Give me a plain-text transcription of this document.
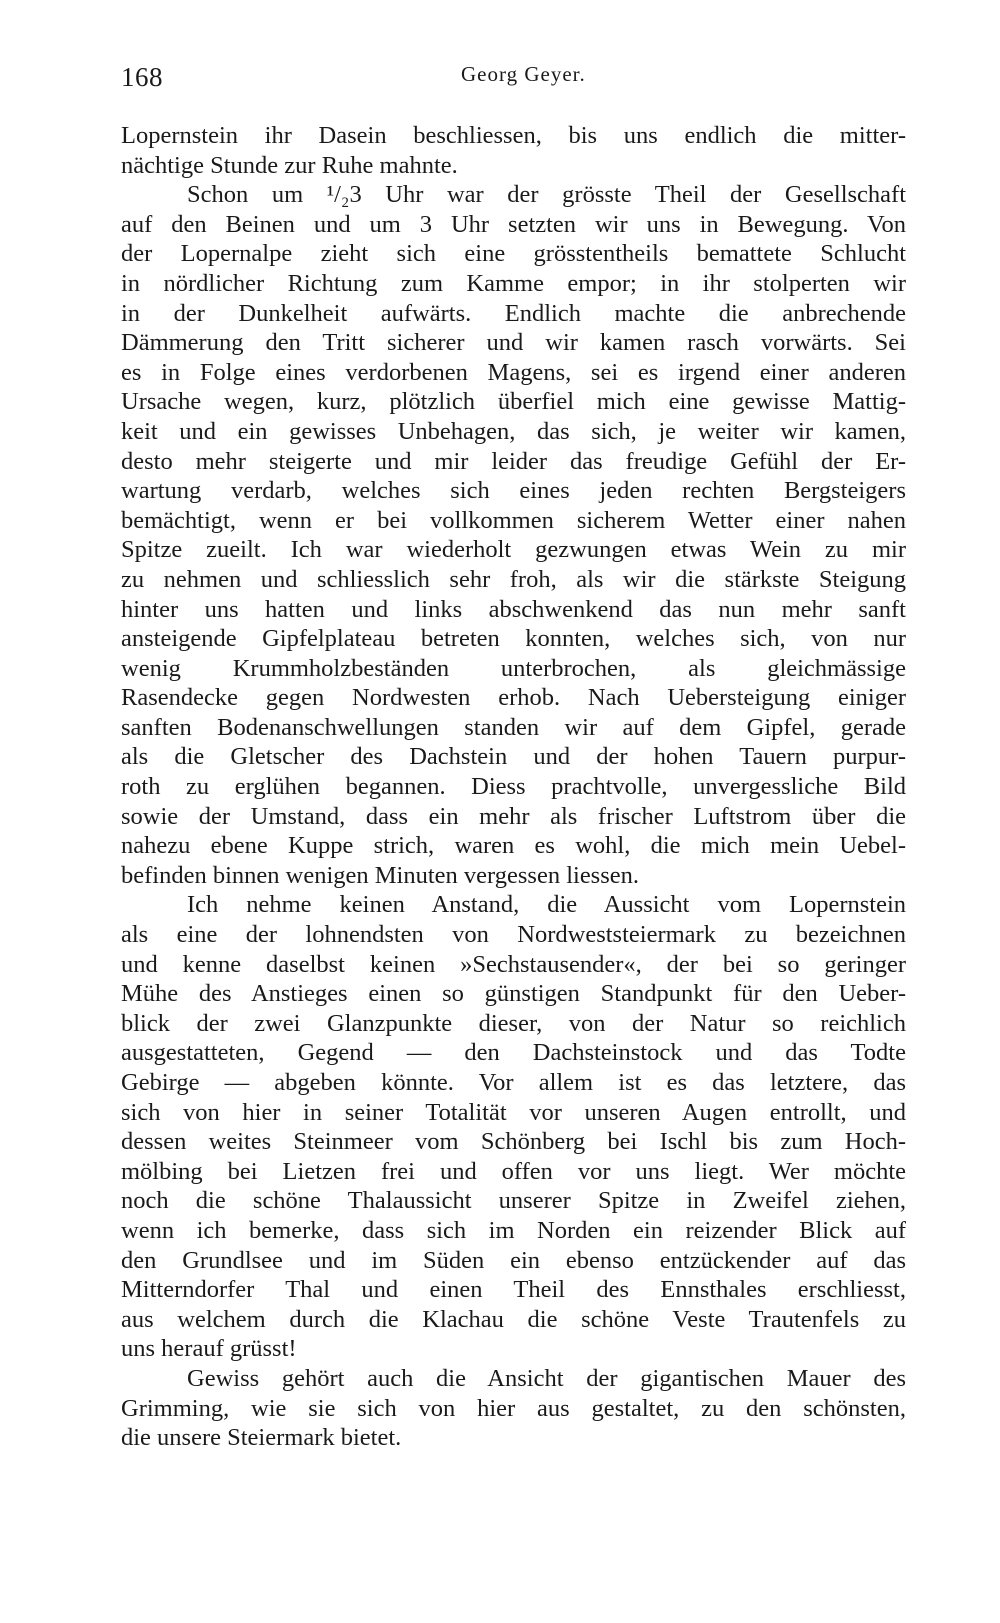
168	Georg Geyer.
Lopernstein ihr Dasein beschliessen, bis uns endlich die mitter-
nächtige Stunde zur Ruhe mahnte.
Schon um ¹/₂3 Uhr war der grösste Theil der Gesellschaft
auf den Beinen und um 3 Uhr setzten wir uns in Bewegung. Von
der Lopernalpe zieht sich eine grösstentheils bemattete Schlucht
in nördlicher Richtung zum Kamme empor; in ihr stolperten wir
in der Dunkelheit aufwärts. Endlich machte die anbrechende
Dämmerung den Tritt sicherer und wir kamen rasch vorwärts. Sei
es in Folge eines verdorbenen Magens, sei es irgend einer anderen
Ursache wegen, kurz, plötzlich überfiel mich eine gewisse Mattig-
keit und ein gewisses Unbehagen, das sich, je weiter wir kamen,
desto mehr steigerte und mir leider das freudige Gefühl der Er-
wartung verdarb, welches sich eines jeden rechten Bergsteigers
bemächtigt, wenn er bei vollkommen sicherem Wetter einer nahen
Spitze zueilt. Ich war wiederholt gezwungen etwas Wein zu mir
zu nehmen und schliesslich sehr froh, als wir die stärkste Steigung
hinter uns hatten und links abschwenkend das nun mehr sanft
ansteigende Gipfelplateau betreten konnten, welches sich, von nur
wenig Krummholzbeständen unterbrochen, als gleichmässige
Rasendecke gegen Nordwesten erhob. Nach Uebersteigung einiger
sanften Bodenanschwellungen standen wir auf dem Gipfel, gerade
als die Gletscher des Dachstein und der hohen Tauern purpur-
roth zu erglühen begannen. Diess prachtvolle, unvergessliche Bild
sowie der Umstand, dass ein mehr als frischer Luftstrom über die
nahezu ebene Kuppe strich, waren es wohl, die mich mein Uebel-
befinden binnen wenigen Minuten vergessen liessen.
Ich nehme keinen Anstand, die Aussicht vom Lopernstein
als eine der lohnendsten von Nordweststeiermark zu bezeichnen
und kenne daselbst keinen »Sechstausender«, der bei so geringer
Mühe des Anstieges einen so günstigen Standpunkt für den Ueber-
blick der zwei Glanzpunkte dieser, von der Natur so reichlich
ausgestatteten, Gegend — den Dachsteinstock und das Todte
Gebirge — abgeben könnte. Vor allem ist es das letztere, das
sich von hier in seiner Totalität vor unseren Augen entrollt, und
dessen weites Steinmeer vom Schönberg bei Ischl bis zum Hoch-
mölbing bei Lietzen frei und offen vor uns liegt. Wer möchte
noch die schöne Thalaussicht unserer Spitze in Zweifel ziehen,
wenn ich bemerke, dass sich im Norden ein reizender Blick auf
den Grundlsee und im Süden ein ebenso entzückender auf das
Mitterndorfer Thal und einen Theil des Ennsthales erschliesst,
aus welchem durch die Klachau die schöne Veste Trautenfels zu
uns herauf grüsst!
Gewiss gehört auch die Ansicht der gigantischen Mauer des
Grimming, wie sie sich von hier aus gestaltet, zu den schönsten,
die unsere Steiermark bietet.
